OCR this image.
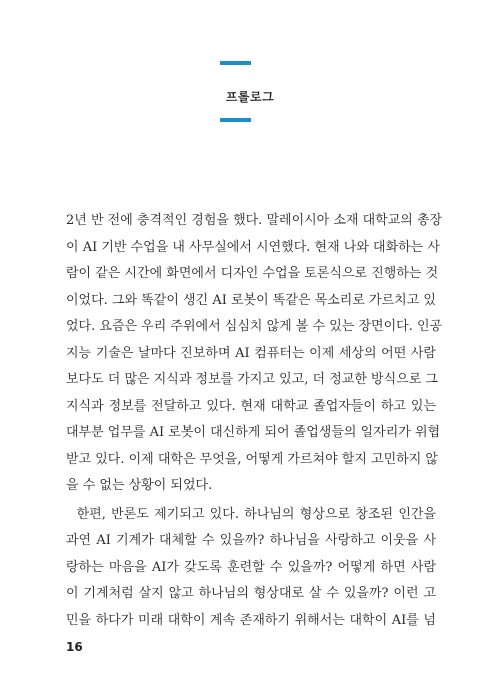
프롤로그
2년 반 전에 충격적인 경험을 했다. 말레이시아 소재 대학교의 총장
이 AI 기반 수업을 내 사무실에서 시연했다. 현재 나와 대화하는 사
람이 같은 시간에 화면에서 디자인 수업을 토론식으로 진행하는 것
이었다. 그와 똑같이 생긴 AI 로봇이 똑같은 목소리로 가르치고 있
었다. 요즘은 우리 주위에서 심심치 않게 볼 수 있는 장면이다. 인공
지능 기술은 날마다 진보하며 AI 컴퓨터는 이제 세상의 어떤 사람
보다도 더 많은 지식과 정보를 가지고 있고, 더 정교한 방식으로 그
지식과 정보를 전달하고 있다. 현재 대학교 졸업자들이 하고 있는
대부분 업무를 AI 로봇이 대신하게 되어 졸업생들의 일자리가 위협
받고 있다. 이제 대학은 무엇을, 어떻게 가르쳐야 할지 고민하지 않
을 수 없는 상황이 되었다.
한편, 반론도 제기되고 있다. 하나님의 형상으로 창조된 인간을
과연 AI 기계가 대체할 수 있을까? 하나님을 사랑하고 이웃을 사
랑하는 마음을 AI가 갖도록 훈련할 수 있을까? 어떻게 하면 사람
이 기계처럼 살지 않고 하나님의 형상대로 살 수 있을까? 이런 고
민을 하다가 미래 대학이 계속 존재하기 위해서는 대학이 AI를 넘
16
